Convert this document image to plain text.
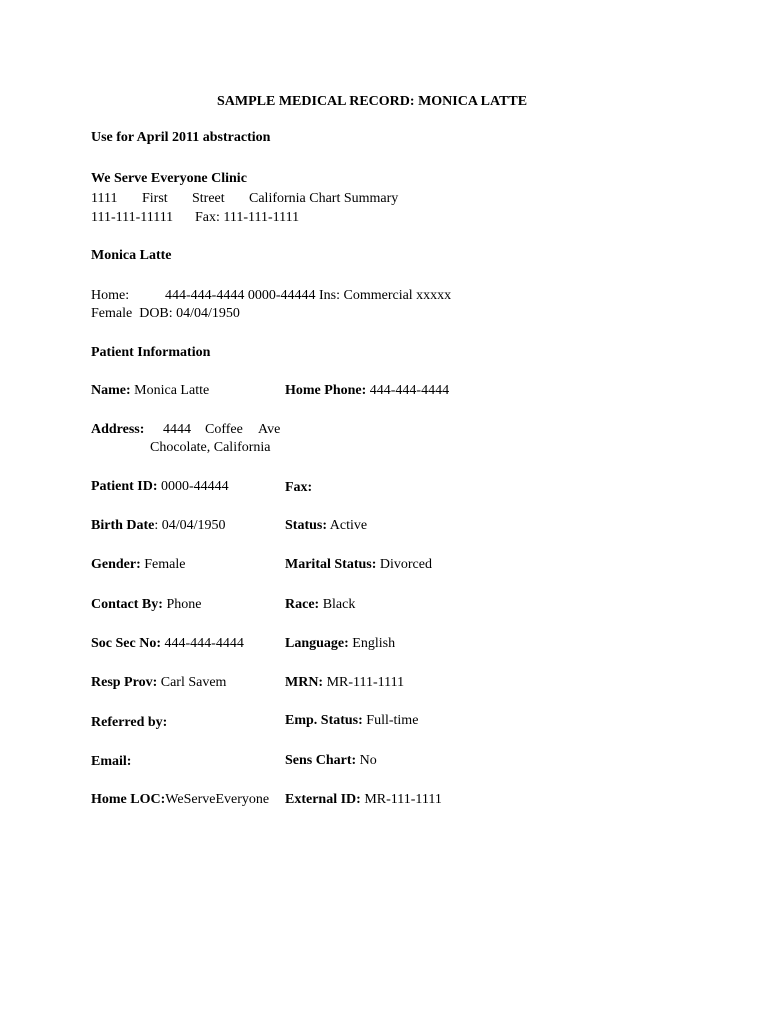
SAMPLE MEDICAL RECORD: MONICA LATTE
Use for April 2011 abstraction
We Serve Everyone Clinic
1111 First Street California Chart Summary
111-111-11111 Fax: 111-111-1111
Monica Latte
Home:	444-444-4444 0000-44444 Ins: Commercial xxxxx
Female  DOB: 04/04/1950
Patient Information
Name: Monica Latte	Home Phone: 444-444-4444
Address: 4444 Coffee Ave
Chocolate, California
Patient ID: 0000-44444	Fax:
Birth Date: 04/04/1950	Status: Active
Gender: Female	Marital Status: Divorced
Contact By: Phone	Race: Black
Soc Sec No: 444-444-4444	Language: English
Resp Prov: Carl Savem	MRN: MR-111-1111
Referred by:	Emp. Status: Full-time
Email:	Sens Chart: No
Home LOC:WeServeEveryone External ID: MR-111-1111
